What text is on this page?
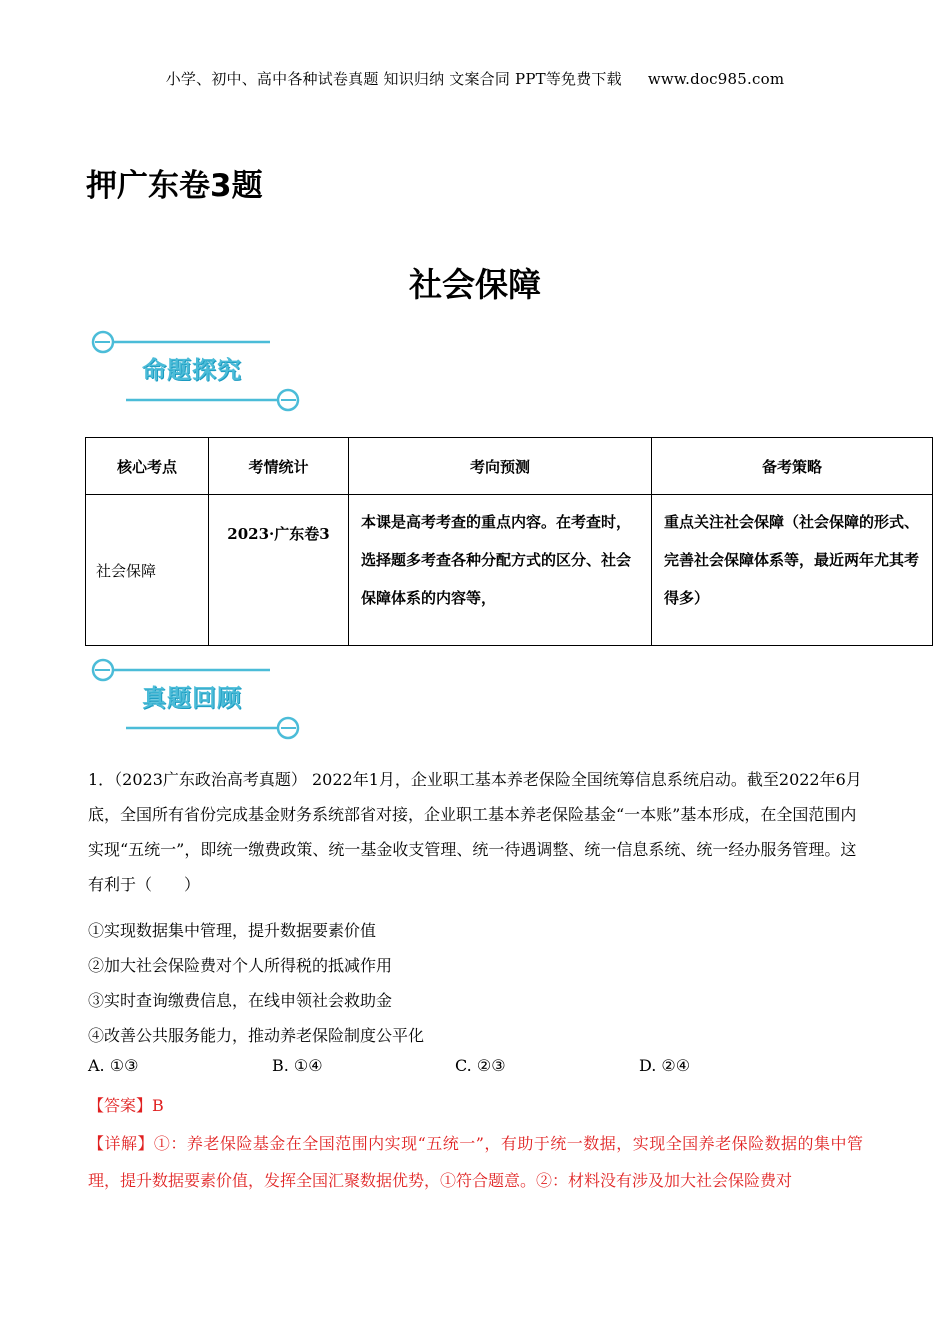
小学、初中、高中各种试卷真题 知识归纳 文案合同 PPT等免费下载 www.doc985.com
押广东卷3题
社会保障
命题探究
核心考点	考情统计	考向预测	备考策略
社会保障	2023·广东卷3	本课是高考考查的重点内容。在考查时，选择题多考查各种分配方式的区分、社会保障体系的内容等，	重点关注社会保障（社会保障的形式、完善社会保障体系等，最近两年尤其考得多）
真题回顾
1．（2023广东政治高考真题） 2022年1月，企业职工基本养老保险全国统筹信息系统启动。截至2022年6月底，全国所有省份完成基金财务系统部省对接，企业职工基本养老保险基金“一本账”基本形成，在全国范围内实现“五统一”，即统一缴费政策、统一基金收支管理、统一待遇调整、统一信息系统、统一经办服务管理。这有利于（　　）
①实现数据集中管理，提升数据要素价值
②加大社会保险费对个人所得税的抵减作用
③实时查询缴费信息，在线申领社会救助金
④改善公共服务能力，推动养老保险制度公平化
A. ①③	B. ①④	C. ②③	D. ②④
【答案】B
【详解】①：养老保险基金在全国范围内实现“五统一”，有助于统一数据，实现全国养老保险数据的集中管理，提升数据要素价值，发挥全国汇聚数据优势，①符合题意。②：材料没有涉及加大社会保险费对
